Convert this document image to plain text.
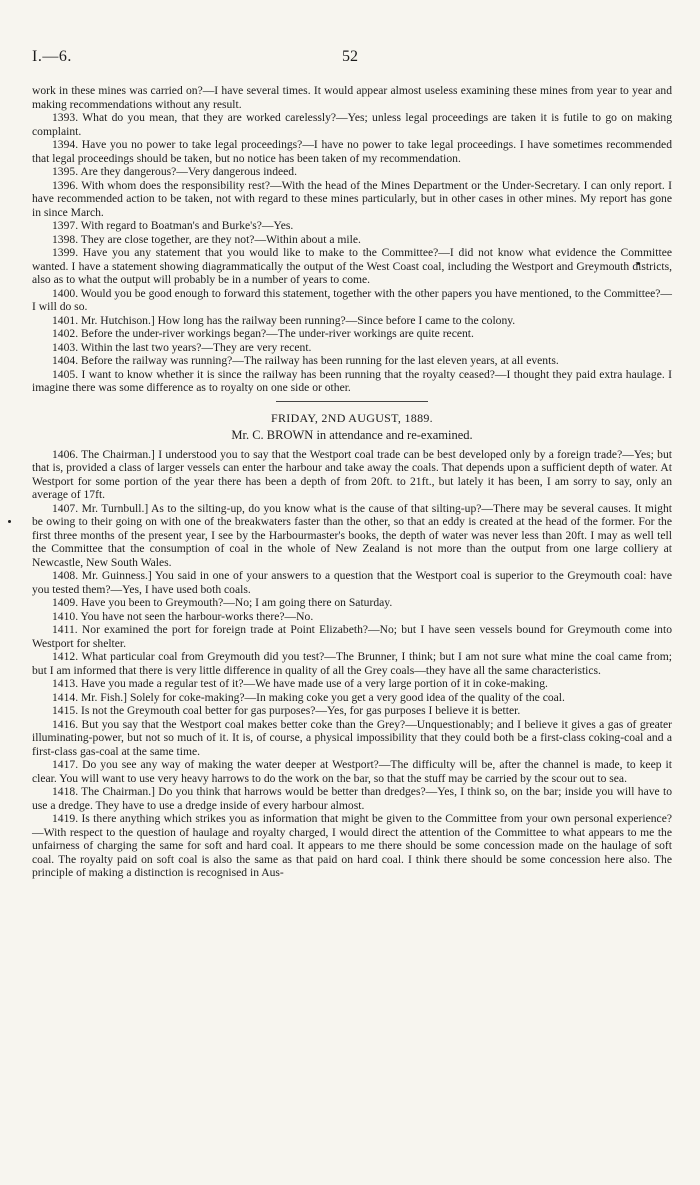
I.—6.	52

work in these mines was carried on?—I have several times. It would appear almost useless examining these mines from year to year and making recommendations without any result.

1393. What do you mean, that they are worked carelessly?—Yes; unless legal proceedings are taken it is futile to go on making complaint.

1394. Have you no power to take legal proceedings?—I have no power to take legal proceedings. I have sometimes recommended that legal proceedings should be taken, but no notice has been taken of my recommendation.

1395. Are they dangerous?—Very dangerous indeed.

1396. With whom does the responsibility rest?—With the head of the Mines Department or the Under-Secretary. I can only report. I have recommended action to be taken, not with regard to these mines particularly, but in other cases in other mines. My report has gone in since March.

1397. With regard to Boatman's and Burke's?—Yes.

1398. They are close together, are they not?—Within about a mile.

1399. Have you any statement that you would like to make to the Committee?—I did not know what evidence the Committee wanted. I have a statement showing diagrammatically the output of the West Coast coal, including the Westport and Greymouth districts, also as to what the output will probably be in a number of years to come.

1400. Would you be good enough to forward this statement, together with the other papers you have mentioned, to the Committee?—I will do so.

1401. Mr. Hutchison.] How long has the railway been running?—Since before I came to the colony.

1402. Before the under-river workings began?—The under-river workings are quite recent.

1403. Within the last two years?—They are very recent.

1404. Before the railway was running?—The railway has been running for the last eleven years, at all events.

1405. I want to know whether it is since the railway has been running that the royalty ceased?—I thought they paid extra haulage. I imagine there was some difference as to royalty on one side or other.

FRIDAY, 2ND AUGUST, 1889.
Mr. C. BROWN in attendance and re-examined.

1406. The Chairman.] I understood you to say that the Westport coal trade can be best developed only by a foreign trade?—Yes; but that is, provided a class of larger vessels can enter the harbour and take away the coals. That depends upon a sufficient depth of water. At Westport for some portion of the year there has been a depth of from 20ft. to 21ft., but lately it has been, I am sorry to say, only an average of 17ft.

1407. Mr. Turnbull.] As to the silting-up, do you know what is the cause of that silting-up?—There may be several causes. It might be owing to their going on with one of the breakwaters faster than the other, so that an eddy is created at the head of the former. For the first three months of the present year, I see by the Harbourmaster's books, the depth of water was never less than 20ft. I may as well tell the Committee that the consumption of coal in the whole of New Zealand is not more than the output from one large colliery at Newcastle, New South Wales.

1408. Mr. Guinness.] You said in one of your answers to a question that the Westport coal is superior to the Greymouth coal: have you tested them?—Yes, I have used both coals.

1409. Have you been to Greymouth?—No; I am going there on Saturday.

1410. You have not seen the harbour-works there?—No.

1411. Nor examined the port for foreign trade at Point Elizabeth?—No; but I have seen vessels bound for Greymouth come into Westport for shelter.

1412. What particular coal from Greymouth did you test?—The Brunner, I think; but I am not sure what mine the coal came from; but I am informed that there is very little difference in quality of all the Grey coals—they have all the same characteristics.

1413. Have you made a regular test of it?—We have made use of a very large portion of it in coke-making.

1414. Mr. Fish.] Solely for coke-making?—In making coke you get a very good idea of the quality of the coal.

1415. Is not the Greymouth coal better for gas purposes?—Yes, for gas purposes I believe it is better.

1416. But you say that the Westport coal makes better coke than the Grey?—Unquestionably; and I believe it gives a gas of greater illuminating-power, but not so much of it. It is, of course, a physical impossibility that they could both be a first-class coking-coal and a first-class gas-coal at the same time.

1417. Do you see any way of making the water deeper at Westport?—The difficulty will be, after the channel is made, to keep it clear. You will want to use very heavy harrows to do the work on the bar, so that the stuff may be carried by the scour out to sea.

1418. The Chairman.] Do you think that harrows would be better than dredges?—Yes, I think so, on the bar; inside you will have to use a dredge. They have to use a dredge inside of every harbour almost.

1419. Is there anything which strikes you as information that might be given to the Committee from your own personal experience?—With respect to the question of haulage and royalty charged, I would direct the attention of the Committee to what appears to me the unfairness of charging the same for soft and hard coal. It appears to me there should be some concession made on the haulage of soft coal. The royalty paid on soft coal is also the same as that paid on hard coal. I think there should be some concession here also. The principle of making a distinction is recognised in Aus-
